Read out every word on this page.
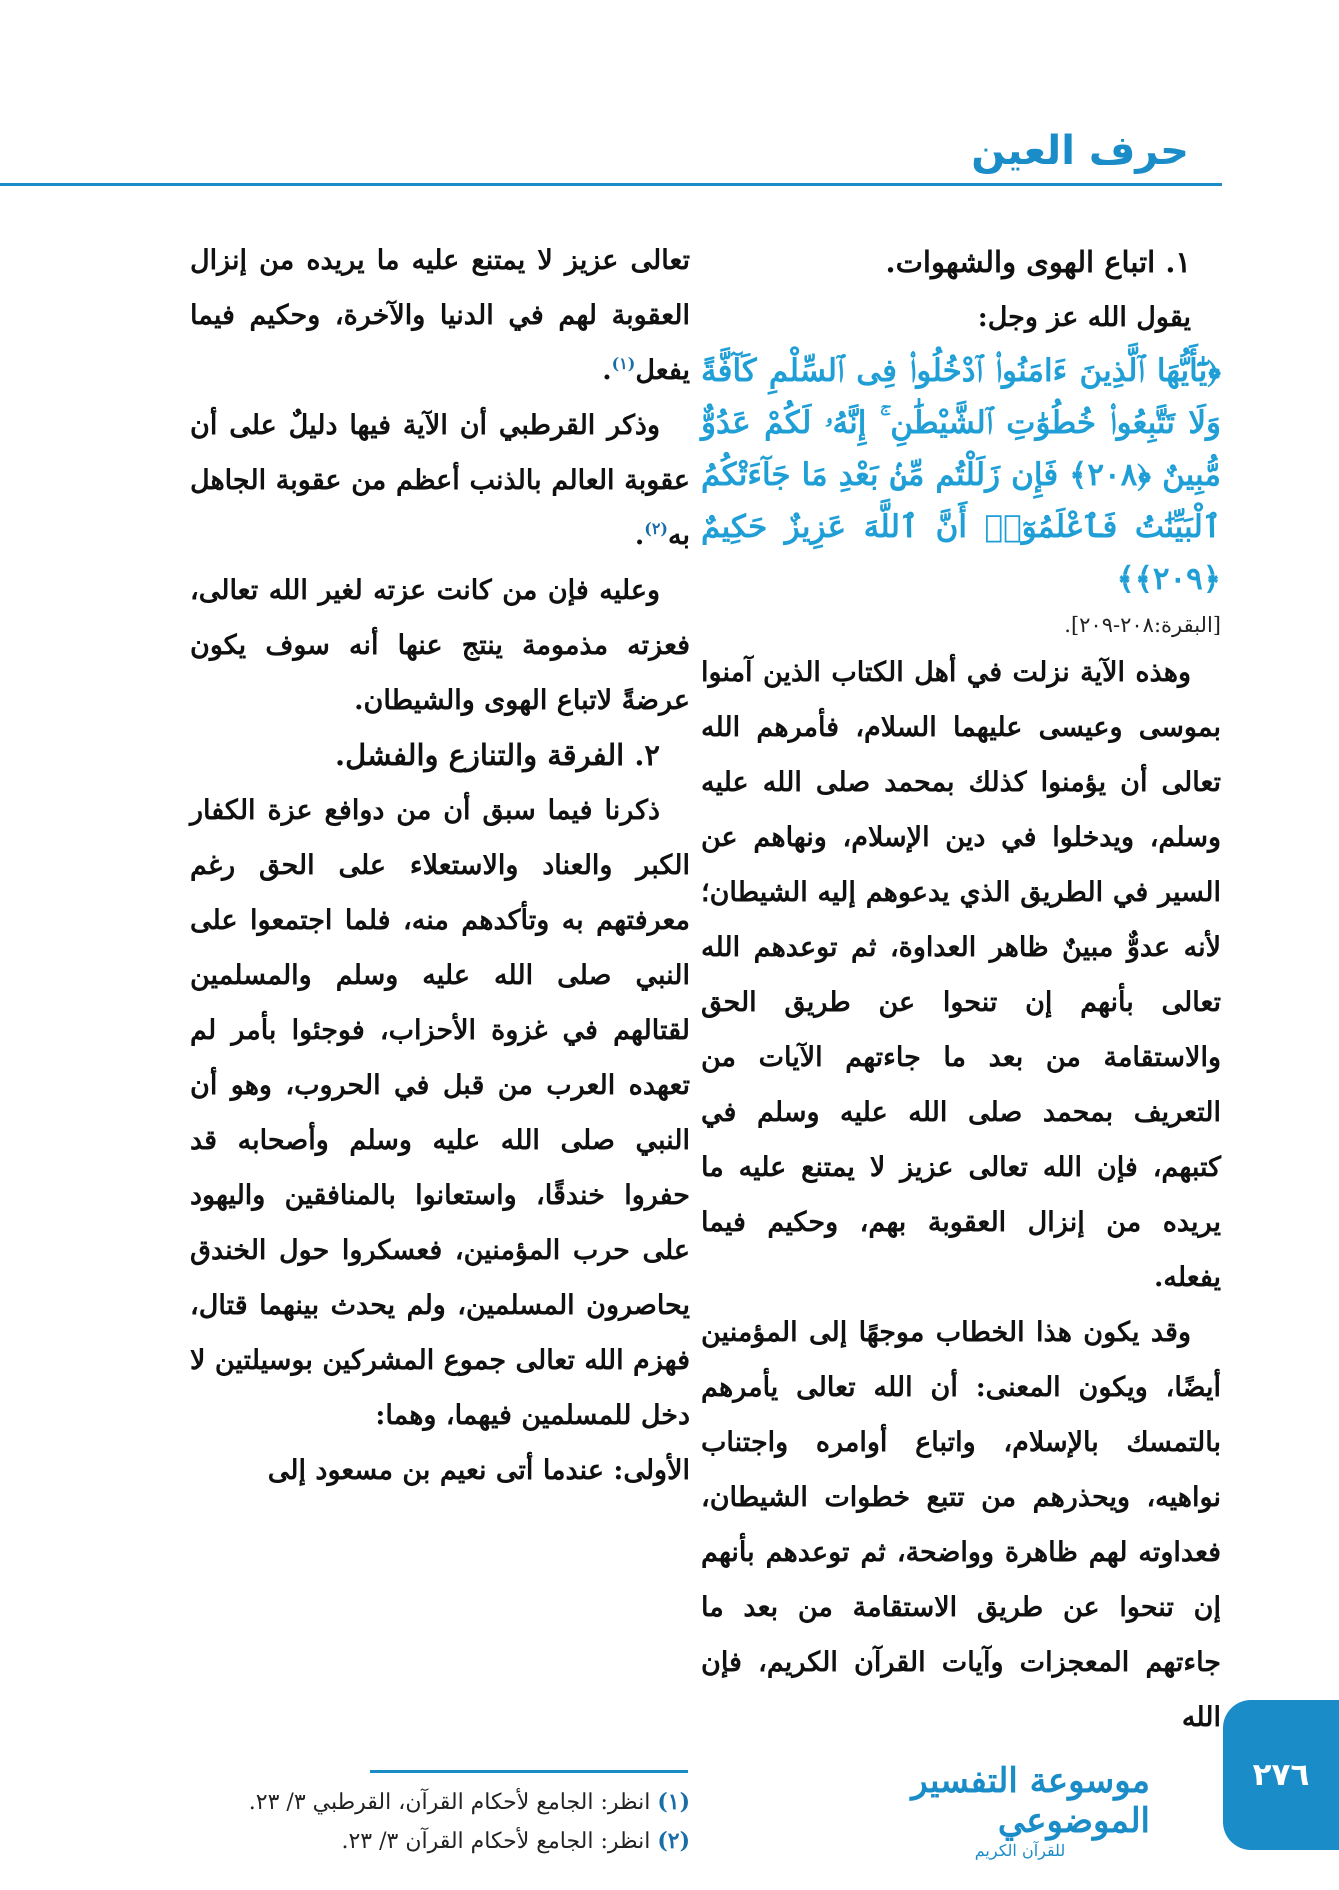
حرف العين

١. اتباع الهوى والشهوات.

يقول الله عز وجل:

﴿يَٰٓأَيُّهَا ٱلَّذِينَ ءَامَنُوا۟ ٱدْخُلُوا۟ فِى ٱلسِّلْمِ كَآفَّةً وَلَا تَتَّبِعُوا۟ خُطُوَٰتِ ٱلشَّيْطَٰنِ ۚ إِنَّهُۥ لَكُمْ عَدُوٌّ مُّبِينٌ ﴿٢٠٨﴾ فَإِن زَلَلْتُم مِّنۢ بَعْدِ مَا جَآءَتْكُمُ ٱلْبَيِّنَٰتُ فَٱعْلَمُوٓا۟ أَنَّ ٱللَّهَ عَزِيزٌ حَكِيمٌ ﴿٢٠٩﴾﴾

[البقرة:٢٠٨-٢٠٩].

وهذه الآية نزلت في أهل الكتاب الذين آمنوا بموسى وعيسى عليهما السلام، فأمرهم الله تعالى أن يؤمنوا كذلك بمحمد صلى الله عليه وسلم، ويدخلوا في دين الإسلام، ونهاهم عن السير في الطريق الذي يدعوهم إليه الشيطان؛ لأنه عدوٌّ مبينٌ ظاهر العداوة، ثم توعدهم الله تعالى بأنهم إن تنحوا عن طريق الحق والاستقامة من بعد ما جاءتهم الآيات من التعريف بمحمد صلى الله عليه وسلم في كتبهم، فإن الله تعالى عزيز لا يمتنع عليه ما يريده من إنزال العقوبة بهم، وحكيم فيما يفعله.

وقد يكون هذا الخطاب موجهًا إلى المؤمنين أيضًا، ويكون المعنى: أن الله تعالى يأمرهم بالتمسك بالإسلام، واتباع أوامره واجتناب نواهيه، ويحذرهم من تتبع خطوات الشيطان، فعداوته لهم ظاهرة وواضحة، ثم توعدهم بأنهم إن تنحوا عن طريق الاستقامة من بعد ما جاءتهم المعجزات وآيات القرآن الكريم، فإن الله

تعالى عزيز لا يمتنع عليه ما يريده من إنزال العقوبة لهم في الدنيا والآخرة، وحكيم فيما يفعل$^{(١)}$.

وذكر القرطبي أن الآية فيها دليلٌ على أن عقوبة العالم بالذنب أعظم من عقوبة الجاهل به$^{(٢)}$.

وعليه فإن من كانت عزته لغير الله تعالى، فعزته مذمومة ينتج عنها أنه سوف يكون عرضةً لاتباع الهوى والشيطان.

٢. الفرقة والتنازع والفشل.

ذكرنا فيما سبق أن من دوافع عزة الكفار الكبر والعناد والاستعلاء على الحق رغم معرفتهم به وتأكدهم منه، فلما اجتمعوا على النبي صلى الله عليه وسلم والمسلمين لقتالهم في غزوة الأحزاب، فوجئوا بأمر لم تعهده العرب من قبل في الحروب، وهو أن النبي صلى الله عليه وسلم وأصحابه قد حفروا خندقًا، واستعانوا بالمنافقين واليهود على حرب المؤمنين، فعسكروا حول الخندق يحاصرون المسلمين، ولم يحدث بينهما قتال، فهزم الله تعالى جموع المشركين بوسيلتين لا دخل للمسلمين فيهما، وهما:

الأولى: عندما أتى نعيم بن مسعود إلى

(١) انظر: الجامع لأحكام القرآن، القرطبي ٣/ ٢٣.
(٢) انظر: الجامع لأحكام القرآن ٣/ ٢٣.
موسوعة التفسير الموضوعي
للقرآن الكريم
٢٧٦
